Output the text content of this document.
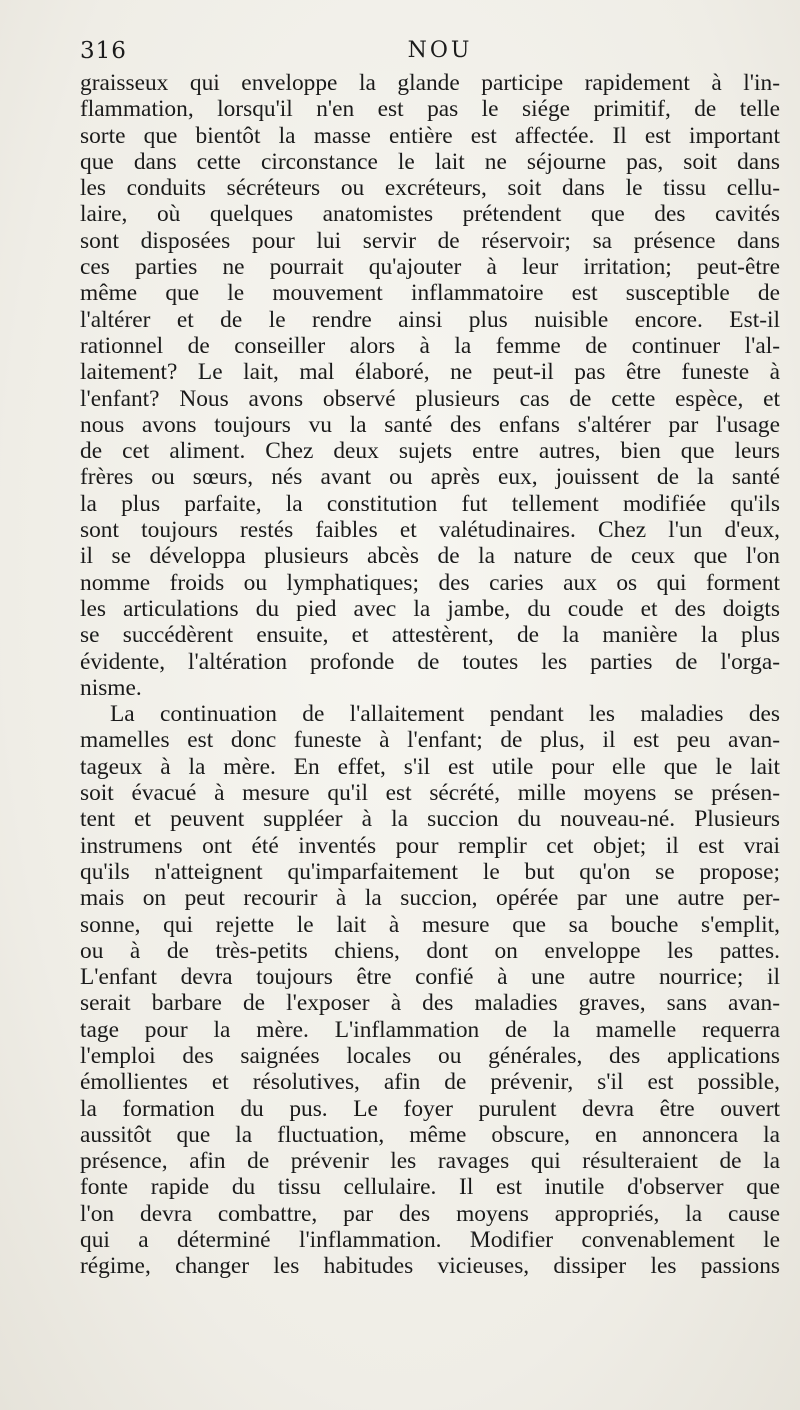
316	NOU
graisseux qui enveloppe la glande participe rapidement à l'in-
flammation, lorsqu'il n'en est pas le siége primitif, de telle
sorte que bientôt la masse entière est affectée. Il est important
que dans cette circonstance le lait ne séjourne pas, soit dans
les conduits sécréteurs ou excréteurs, soit dans le tissu cellu-
laire, où quelques anatomistes prétendent que des cavités
sont disposées pour lui servir de réservoir; sa présence dans
ces parties ne pourrait qu'ajouter à leur irritation; peut-être
même que le mouvement inflammatoire est susceptible de
l'altérer et de le rendre ainsi plus nuisible encore. Est-il
rationnel de conseiller alors à la femme de continuer l'al-
laitement? Le lait, mal élaboré, ne peut-il pas être funeste à
l'enfant? Nous avons observé plusieurs cas de cette espèce, et
nous avons toujours vu la santé des enfans s'altérer par l'usage
de cet aliment. Chez deux sujets entre autres, bien que leurs
frères ou sœurs, nés avant ou après eux, jouissent de la santé
la plus parfaite, la constitution fut tellement modifiée qu'ils
sont toujours restés faibles et valétudinaires. Chez l'un d'eux,
il se développa plusieurs abcès de la nature de ceux que l'on
nomme froids ou lymphatiques; des caries aux os qui forment
les articulations du pied avec la jambe, du coude et des doigts
se succédèrent ensuite, et attestèrent, de la manière la plus
évidente, l'altération profonde de toutes les parties de l'orga-
nisme.
La continuation de l'allaitement pendant les maladies des
mamelles est donc funeste à l'enfant; de plus, il est peu avan-
tageux à la mère. En effet, s'il est utile pour elle que le lait
soit évacué à mesure qu'il est sécrété, mille moyens se présen-
tent et peuvent suppléer à la succion du nouveau-né. Plusieurs
instrumens ont été inventés pour remplir cet objet; il est vrai
qu'ils n'atteignent qu'imparfaitement le but qu'on se propose;
mais on peut recourir à la succion, opérée par une autre per-
sonne, qui rejette le lait à mesure que sa bouche s'emplit,
ou à de très-petits chiens, dont on enveloppe les pattes.
L'enfant devra toujours être confié à une autre nourrice; il
serait barbare de l'exposer à des maladies graves, sans avan-
tage pour la mère. L'inflammation de la mamelle requerra
l'emploi des saignées locales ou générales, des applications
émollientes et résolutives, afin de prévenir, s'il est possible,
la formation du pus. Le foyer purulent devra être ouvert
aussitôt que la fluctuation, même obscure, en annoncera la
présence, afin de prévenir les ravages qui résulteraient de la
fonte rapide du tissu cellulaire. Il est inutile d'observer que
l'on devra combattre, par des moyens appropriés, la cause
qui a déterminé l'inflammation. Modifier convenablement le
régime, changer les habitudes vicieuses, dissiper les passions
